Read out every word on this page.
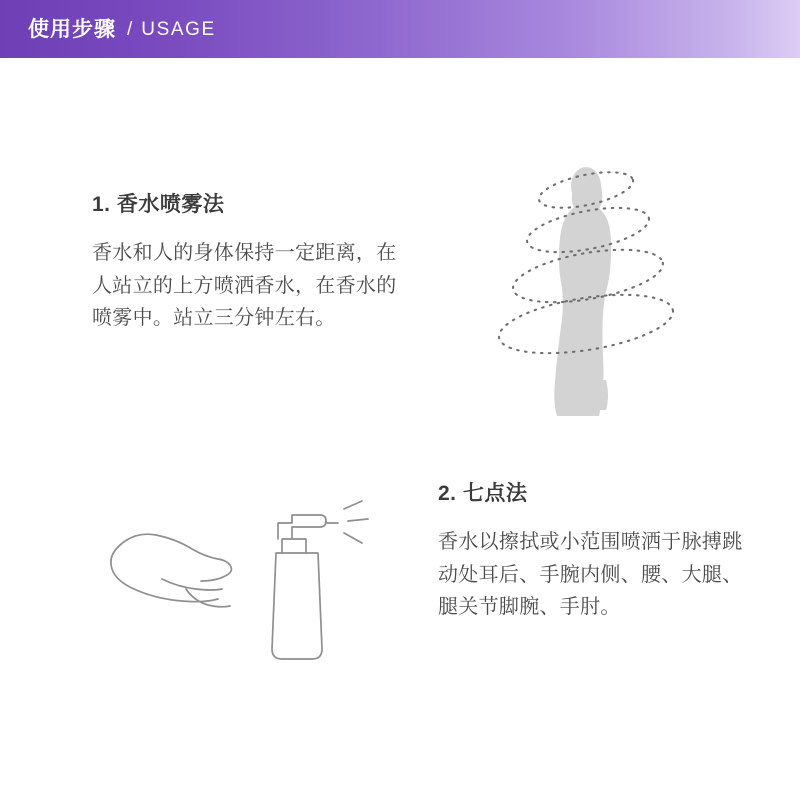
使用步骤 / USAGE

1. 香水喷雾法

香水和人的身体保持一定距离，在人站立的上方喷洒香水，在香水的喷雾中。站立三分钟左右。

2. 七点法

香水以擦拭或小范围喷洒于脉搏跳动处耳后、手腕内侧、腰、大腿、腿关节脚腕、手肘。
